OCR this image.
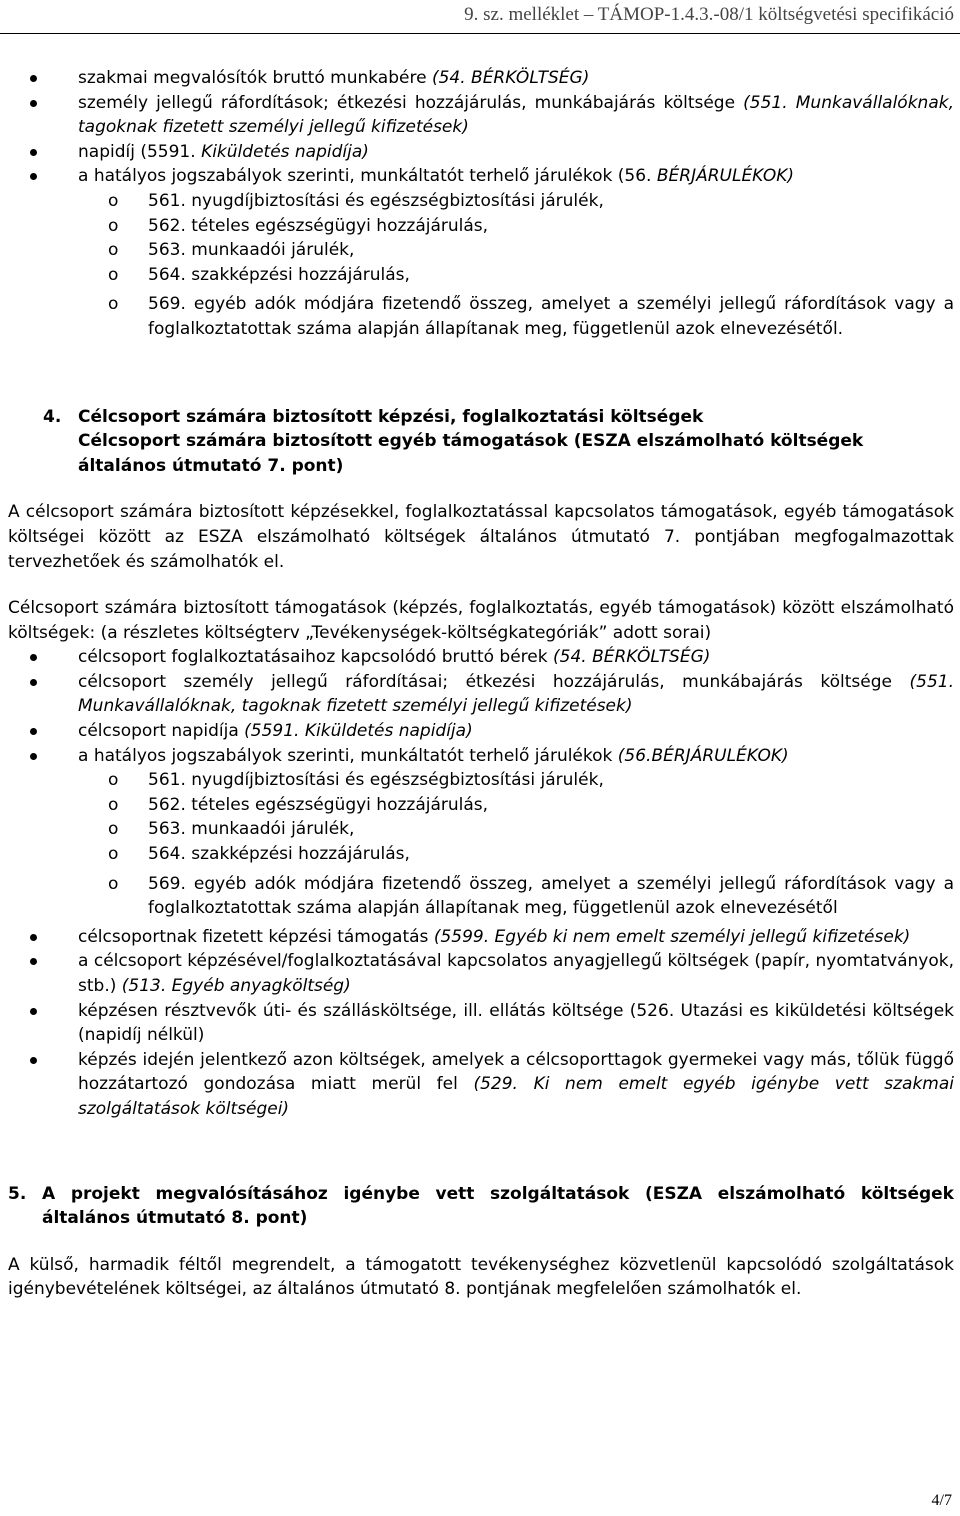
9. sz. melléklet – TÁMOP-1.4.3.-08/1 költségvetési specifikáció
szakmai megvalósítók bruttó munkabére (54. BÉRKÖLTSÉG)
személy jellegű ráfordítások; étkezési hozzájárulás, munkábajárás költsége (551. Munkavállalóknak, tagoknak fizetett személyi jellegű kifizetések)
napidíj (5591. Kiküldetés napidíja)
a hatályos jogszabályok szerinti, munkáltatót terhelő járulékok (56. BÉRJÁRULÉKOK)
o 561. nyugdíjbiztosítási és egészségbiztosítási járulék,
o 562. tételes egészségügyi hozzájárulás,
o 563. munkaadói járulék,
o 564. szakképzési hozzájárulás,
o 569. egyéb adók módjára fizetendő összeg, amelyet a személyi jellegű ráfordítások vagy a foglalkoztatottak száma alapján állapítanak meg, függetlenül azok elnevezésétől.
4. Célcsoport számára biztosított képzési, foglalkoztatási költségek
Célcsoport számára biztosított egyéb támogatások (ESZA elszámolható költségek
általános útmutató 7. pont)
A célcsoport számára biztosított képzésekkel, foglalkoztatással kapcsolatos támogatások, egyéb támogatások költségei között az ESZA elszámolható költségek általános útmutató 7. pontjában megfogalmazottak tervezhetőek és számolhatók el.
Célcsoport számára biztosított támogatások (képzés, foglalkoztatás, egyéb támogatások) között elszámolható költségek: (a részletes költségterv „Tevékenységek-költségkategóriák” adott sorai)
célcsoport foglalkoztatásaihoz kapcsolódó bruttó bérek (54. BÉRKÖLTSÉG)
célcsoport személy jellegű ráfordításai; étkezési hozzájárulás, munkábajárás költsége (551. Munkavállalóknak, tagoknak fizetett személyi jellegű kifizetések)
célcsoport napidíja (5591. Kiküldetés napidíja)
a hatályos jogszabályok szerinti, munkáltatót terhelő járulékok (56.BÉRJÁRULÉKOK)
o 561. nyugdíjbiztosítási és egészségbiztosítási járulék,
o 562. tételes egészségügyi hozzájárulás,
o 563. munkaadói járulék,
o 564. szakképzési hozzájárulás,
o 569. egyéb adók módjára fizetendő összeg, amelyet a személyi jellegű ráfordítások vagy a foglalkoztatottak száma alapján állapítanak meg, függetlenül azok elnevezésétől
célcsoportnak fizetett képzési támogatás (5599. Egyéb ki nem emelt személyi jellegű kifizetések)
a célcsoport képzésével/foglalkoztatásával kapcsolatos anyagjellegű költségek (papír, nyomtatványok, stb.) (513. Egyéb anyagköltség)
képzésen résztvevők úti- és szállásköltsége, ill. ellátás költsége (526. Utazási es kiküldetési költségek (napidíj nélkül)
képzés idején jelentkező azon költségek, amelyek a célcsoporttagok gyermekei vagy más, tőlük függő hozzátartozó gondozása miatt merül fel (529. Ki nem emelt egyéb igénybe vett szakmai szolgáltatások költségei)
5. A projekt megvalósításához igénybe vett szolgáltatások (ESZA elszámolható költségek általános útmutató 8. pont)
A külső, harmadik féltől megrendelt, a támogatott tevékenységhez közvetlenül kapcsolódó szolgáltatások igénybevételének költségei, az általános útmutató 8. pontjának megfelelően számolhatók el.
4/7
